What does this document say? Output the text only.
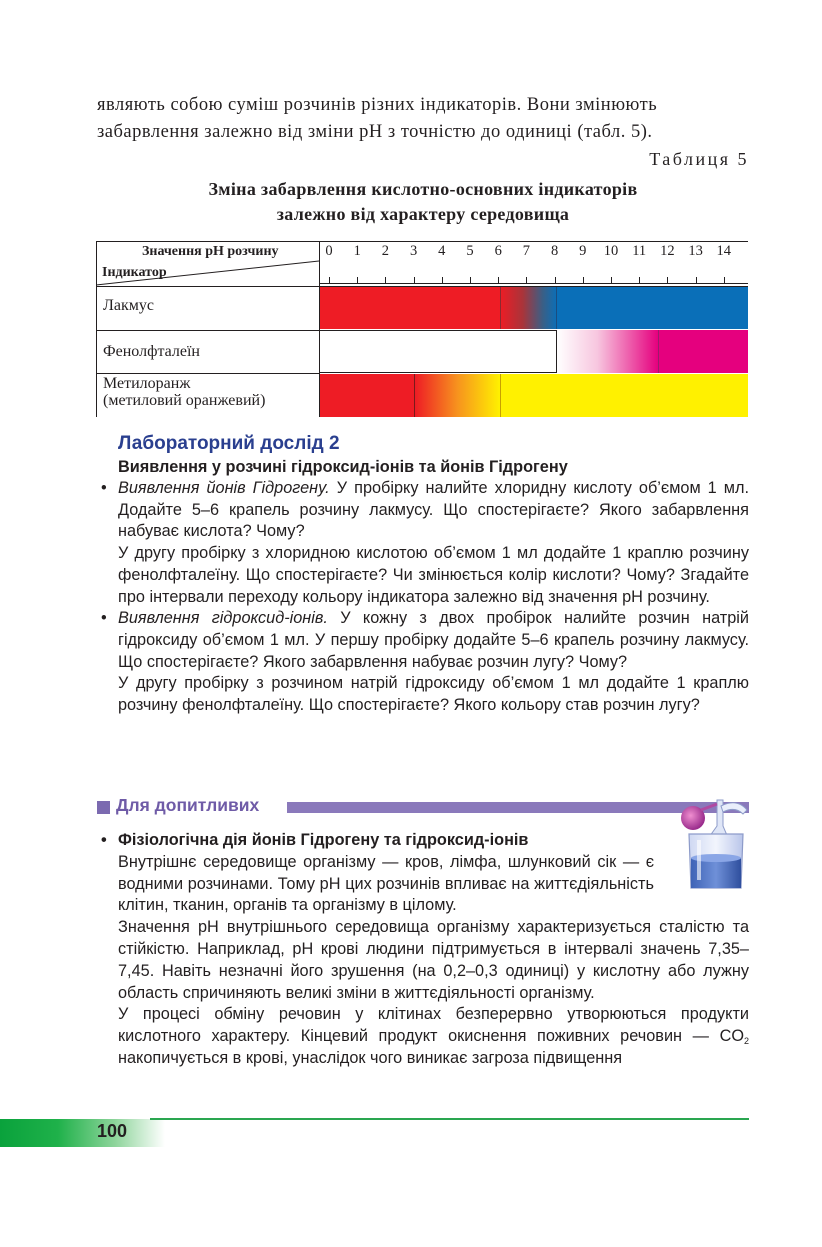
являють собою суміш розчинів різних індикаторів. Вони змінюють

забарвлення залежно від зміни pH з точністю до одиниці (табл. 5).

Таблиця 5
Зміна забарвлення кислотно-основних індикаторів
залежно від характеру середовища
Значення pH розчину
Індикатор
0	1	2	3	4	5	6	7	8	9	10 11 12 13 14
Лакмус
Фенолфталеїн
Метилоранж
(метиловий оранжевий)

Лабораторний дослід 2

Виявлення у розчині гідроксид-іонів та йонів Гідрогену

• Виявлення йонів Гідрогену. У пробірку налийте хлоридну кислоту об’ємом 1 мл. Додайте 5–6 крапель розчину лакмусу. Що спостерігаєте? Якого забарвлення набуває кислота? Чому?

У другу пробірку з хлоридною кислотою об’ємом 1 мл додайте 1 краплю розчину фенолфталеїну. Що спостерігаєте? Чи змінюється колір кислоти? Чому? Згадайте про інтервали переходу кольору індикатора залежно від значення pH розчину.

• Виявлення гідроксид-іонів. У кожну з двох пробірок налийте розчин натрій гідроксиду об’ємом 1 мл. У першу пробірку додайте 5–6 крапель розчину лакмусу. Що спостерігаєте? Якого забарвлення набуває розчин лугу? Чому?

У другу пробірку з розчином натрій гідроксиду об’ємом 1 мл додайте 1 краплю розчину фенолфталеїну. Що спостерігаєте? Якого кольору став розчин лугу?

Для допитливих

• Фізіологічна дія йонів Гідрогену та гідроксид-іонів

Внутрішнє середовище організму — кров, лімфа, шлунковий сік — є водними розчинами. Тому pH цих розчинів впливає на життєдіяльність клітин, тканин, органів та організму в цілому.

Значення pH внутрішнього середовища організму характеризується сталістю та стійкістю. Наприклад, pH крові людини підтримується в інтервалі значень 7,35–7,45. Навіть незначні його зрушення (на 0,2–0,3 одиниці) у кислотну або лужну область спричиняють великі зміни в життєдіяльності організму.

У процесі обміну речовин у клітинах безперервно утворюються продукти кислотного характеру. Кінцевий продукт окиснення поживних речовин — $CO_2$ накопичується в крові, унаслідок чого виникає загроза підвищення

100
